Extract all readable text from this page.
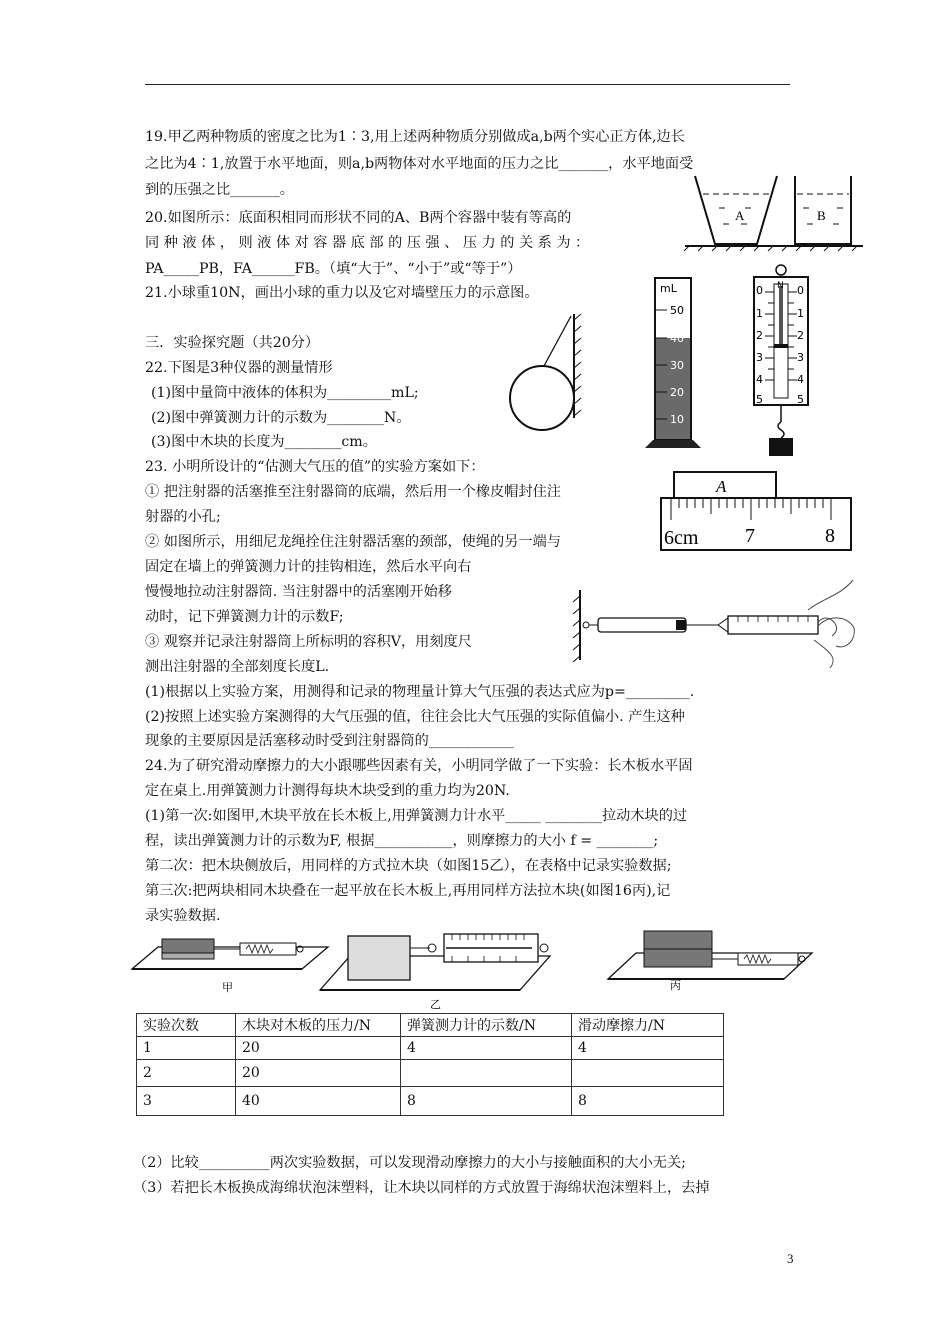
19.甲乙两种物质的密度之比为1∶3,用上述两种物质分别做成a,b两个实心正方体,边长
之比为4∶1,放置于水平地面，则a,b两物体对水平地面的压力之比_______，水平地面受
到的压强之比_______。
20.如图所示：底面积相同而形状不同的A、B两个容器中装有等高的
同 种 液 体 ， 则 液 体 对 容 器 底 部 的 压 强 、 压 力 的 关 系 为 ：
PA_____PB，FA______FB。（填“大于”、“小于”或“等于”）
21.小球重10N，画出小球的重力以及它对墙壁压力的示意图。
三．实验探究题（共20分）
22.下图是3种仪器的测量情形
(1)图中量筒中液体的体积为_________mL;
(2)图中弹簧测力计的示数为________N。
(3)图中木块的长度为________cm。
23. 小明所设计的“估测大气压的值”的实验方案如下：
① 把注射器的活塞推至注射器筒的底端，然后用一个橡皮帽封住注
射器的小孔;
② 如图所示，用细尼龙绳拴住注射器活塞的颈部，使绳的另一端与
固定在墙上的弹簧测力计的挂钩相连，然后水平向右
慢慢地拉动注射器筒. 当注射器中的活塞刚开始移
动时，记下弹簧测力计的示数F;
③ 观察并记录注射器筒上所标明的容积V，用刻度尺
测出注射器的全部刻度长度L.
(1)根据以上实验方案，用测得和记录的物理量计算大气压强的表达式应为p=_________.
(2)按照上述实验方案测得的大气压强的值，往往会比大气压强的实际值偏小. 产生这种
现象的主要原因是活塞移动时受到注射器筒的____________
24.为了研究滑动摩擦力的大小跟哪些因素有关，小明同学做了一下实验：长木板水平固
定在桌上.用弹簧测力计测得每块木块受到的重力均为20N.
(1)第一次:如图甲,木块平放在长木板上,用弹簧测力计水平_____ ________拉动木块的过
程，读出弹簧测力计的示数为F, 根据___________，则摩擦力的大小 f = ________;
第二次：把木块侧放后，用同样的方式拉木块（如图15乙），在表格中记录实验数据;
第三次:把两块相同木块叠在一起平放在长木板上,再用同样方法拉木块(如图16丙),记
录实验数据.
（2）比较__________两次实验数据，可以发现滑动摩擦力的大小与接触面积的大小无关;
（3）若把长木板换成海绵状泡沫塑料，让木块以同样的方式放置于海绵状泡沫塑料上，去掉
A	B
mL
50
40
30
20
10
N
0
1
2
3
4
5
0
1
2
3
4
5
A
6cm 7	8
甲
乙
丙
实验次数	木块对木板的压力/N	弹簧测力计的示数/N	滑动摩擦力/N
1	20	4	4
2	20		
3	40	8	8
3
